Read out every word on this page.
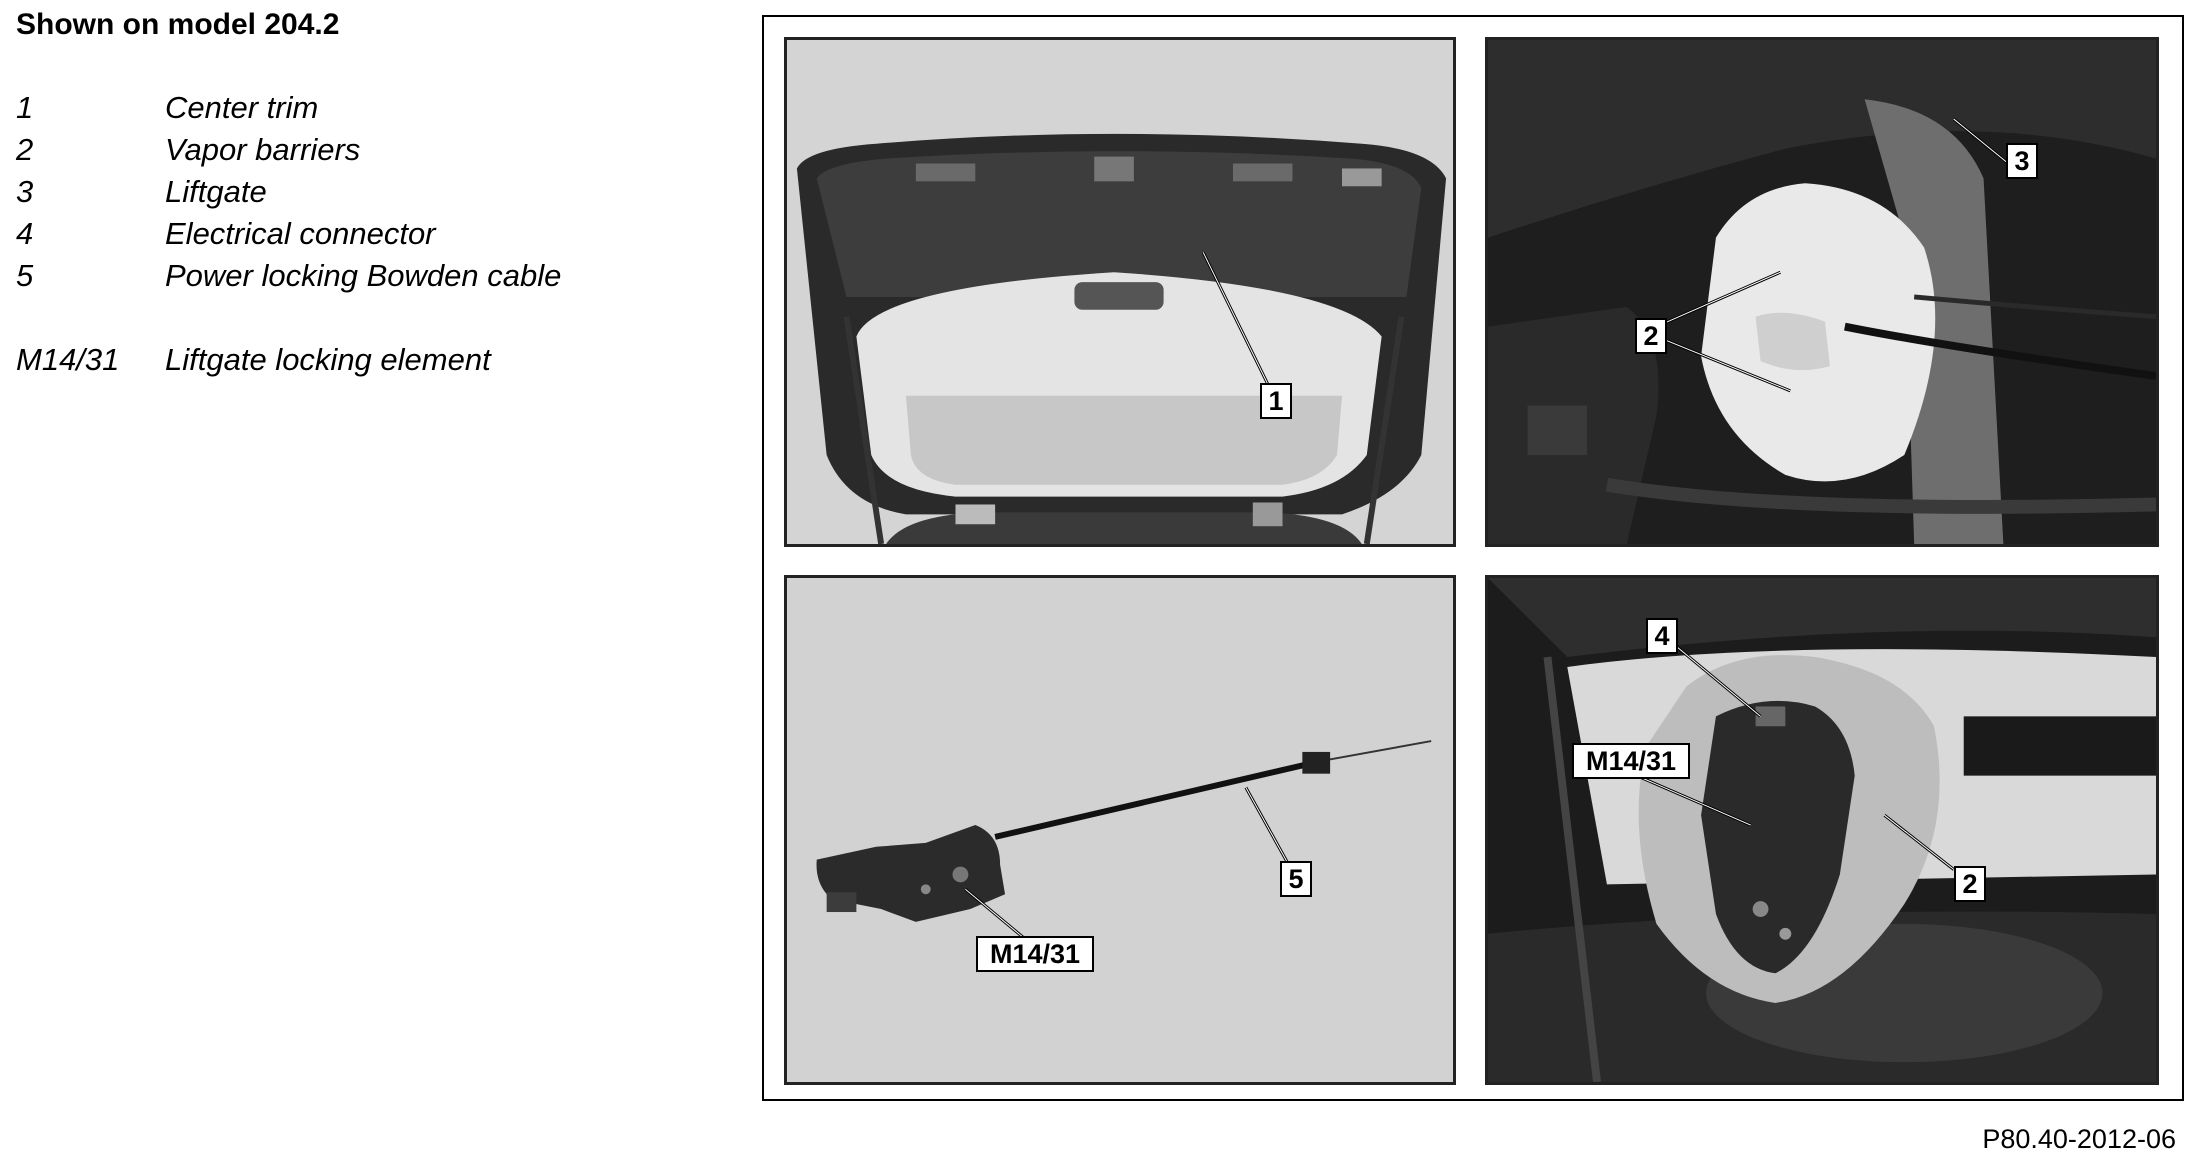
Shown on model 204.2
1	Center trim
2	Vapor barriers
3	Liftgate
4	Electrical connector
5	Power locking Bowden cable
M14/31 Liftgate locking element
1
3
2
5
M14/31
4
M14/31
2
P80.40-2012-06
